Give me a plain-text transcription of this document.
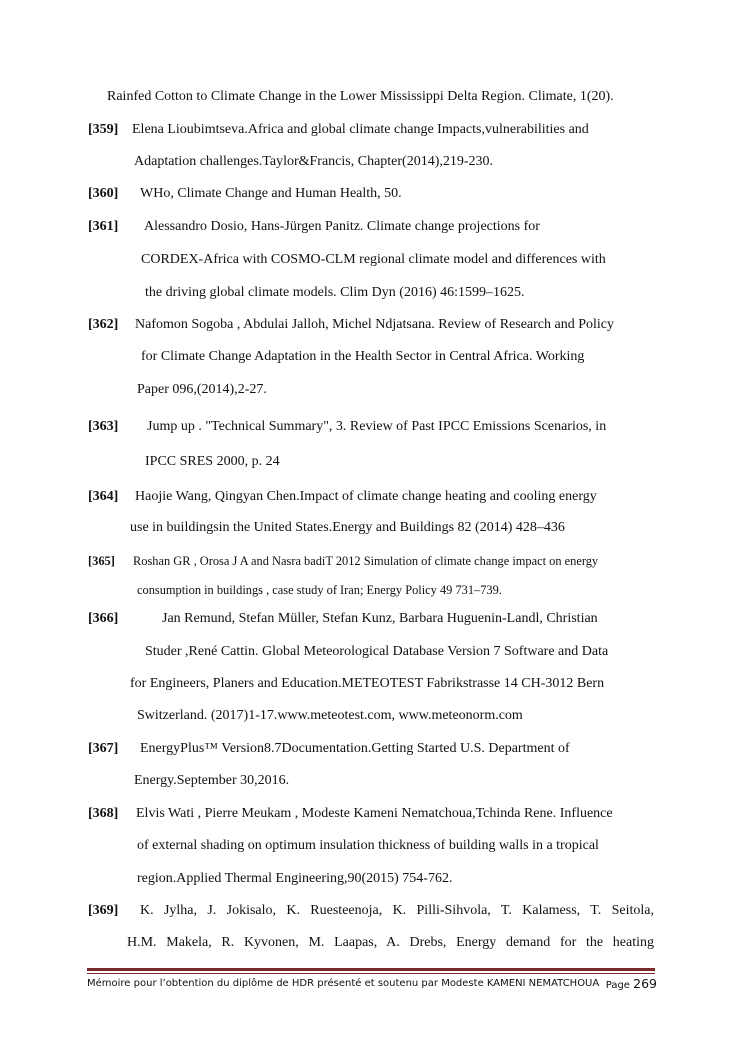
Rainfed Cotton to Climate Change in the Lower Mississippi Delta Region. Climate, 1(20).
[359] Elena Lioubimtseva.Africa and global climate change Impacts,vulnerabilities and
Adaptation challenges.Taylor&Francis, Chapter(2014),219-230.
[360] WHo, Climate Change and Human Health, 50.
[361] Alessandro Dosio, Hans-Jürgen Panitz. Climate change projections for
CORDEX-Africa with COSMO-CLM regional climate model and differences with
the driving global climate models. Clim Dyn (2016) 46:1599–1625.
[362] Nafomon Sogoba , Abdulai Jalloh, Michel Ndjatsana. Review of Research and Policy
for Climate Change Adaptation in the Health Sector in Central Africa. Working
Paper 096,(2014),2-27.
[363] Jump up . "Technical Summary", 3. Review of Past IPCC Emissions Scenarios, in
IPCC SRES 2000, p. 24
[364] Haojie Wang, Qingyan Chen.Impact of climate change heating and cooling energy
use in buildingsin the United States.Energy and Buildings 82 (2014) 428–436
[365] Roshan GR , Orosa J A and Nasra badiT 2012 Simulation of climate change impact on energy
consumption in buildings , case study of Iran; Energy Policy 49 731–739.
[366]	Jan Remund, Stefan Müller, Stefan Kunz, Barbara Huguenin-Landl, Christian
Studer ,René Cattin. Global Meteorological Database Version 7 Software and Data
for Engineers, Planers and Education.METEOTEST Fabrikstrasse 14 CH-3012 Bern
Switzerland. (2017)1-17.www.meteotest.com, www.meteonorm.com
[367] EnergyPlus™ Version8.7Documentation.Getting Started U.S. Department of
Energy.September 30,2016.
[368] Elvis Wati , Pierre Meukam , Modeste Kameni Nematchoua,Tchinda Rene. Influence
of external shading on optimum insulation thickness of building walls in a tropical
region.Applied Thermal Engineering,90(2015) 754-762.
[369] K. Jylha, J. Jokisalo, K. Ruesteenoja, K. Pilli-Sihvola, T. Kalamess, T. Seitola,
H.M. Makela, R. Kyvonen, M. Laapas, A. Drebs, Energy demand for the heating
Mémoire pour l’obtention du diplôme de HDR présenté et soutenu par Modeste KAMENI NEMATCHOUA Page 269
